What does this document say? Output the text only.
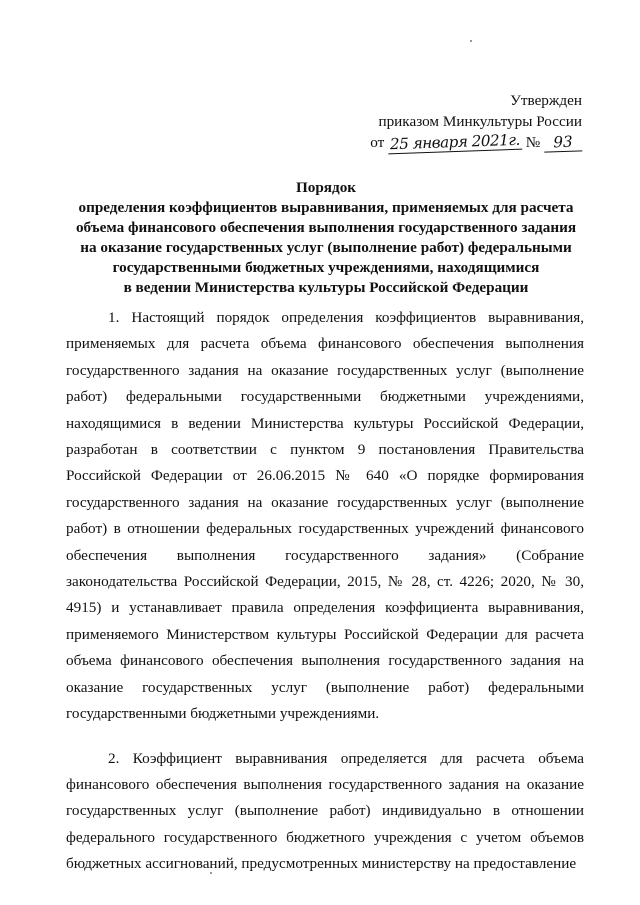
Утвержден
приказом Минкультуры России
от 25 января 2021г. № 93
Порядок
определения коэффициентов выравнивания, применяемых для расчета
объема финансового обеспечения выполнения государственного задания
на оказание государственных услуг (выполнение работ) федеральными
государственными бюджетных учреждениями, находящимися
в ведении Министерства культуры Российской Федерации

1. Настоящий порядок определения коэффициентов выравнивания, применяемых для расчета объема финансового обеспечения выполнения государственного задания на оказание государственных услуг (выполнение работ) федеральными государственными бюджетными учреждениями, находящимися в ведении Министерства культуры Российской Федерации, разработан в соответствии с пунктом 9 постановления Правительства Российской Федерации от 26.06.2015 № 640 «О порядке формирования государственного задания на оказание государственных услуг (выполнение работ) в отношении федеральных государственных учреждений финансового обеспечения выполнения государственного задания» (Собрание законодательства Российской Федерации, 2015, № 28, ст. 4226; 2020, № 30, 4915) и устанавливает правила определения коэффициента выравнивания, применяемого Министерством культуры Российской Федерации для расчета объема финансового обеспечения выполнения государственного задания на оказание государственных услуг (выполнение работ) федеральными государственными бюджетными учреждениями.

2. Коэффициент выравнивания определяется для расчета объема финансового обеспечения выполнения государственного задания на оказание государственных услуг (выполнение работ) индивидуально в отношении федерального государственного бюджетного учреждения с учетом объемов бюджетных ассигнований, предусмотренных министерству на предоставление
